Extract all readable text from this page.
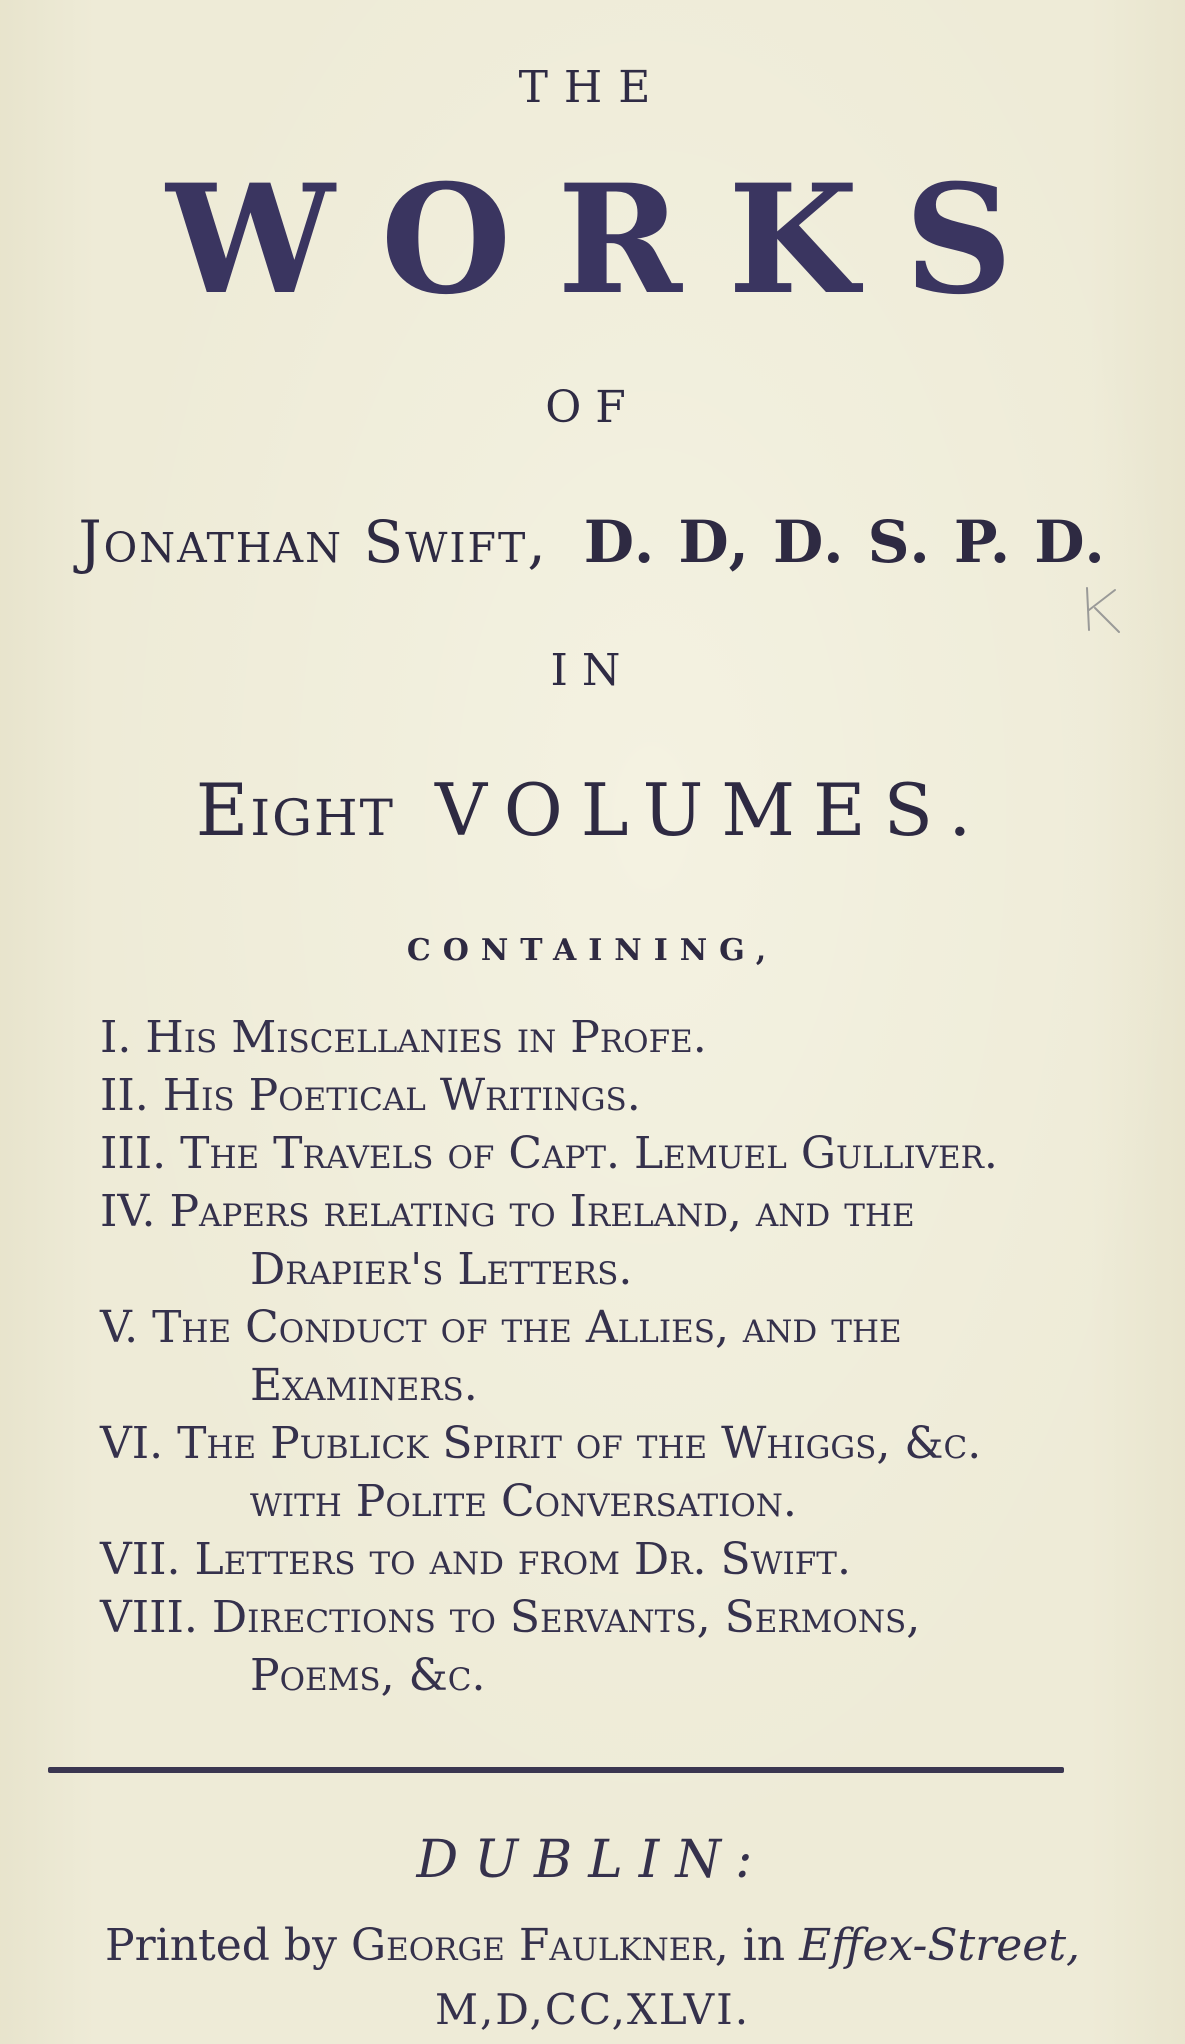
THE
WORKS
OF
Jonathan Swift, D. D, D. S. P. D.
IN
Eight VOLUMES.
CONTAINING,
I. His Miscellanies in Profe.
II. His Poetical Writings.
III. The Travels of Capt. Lemuel Gulliver.
IV. Papers relating to Ireland, and the
Drapier's Letters.
V. The Conduct of the Allies, and the
Examiners.
VI. The Publick Spirit of the Whiggs, &c.
with Polite Conversation.
VII. Letters to and from Dr. Swift.
VIII. Directions to Servants, Sermons,
Poems, &c.
DUBLIN:
Printed by George Faulkner, in Effex-Street,
M,D,CC,XLVI.
